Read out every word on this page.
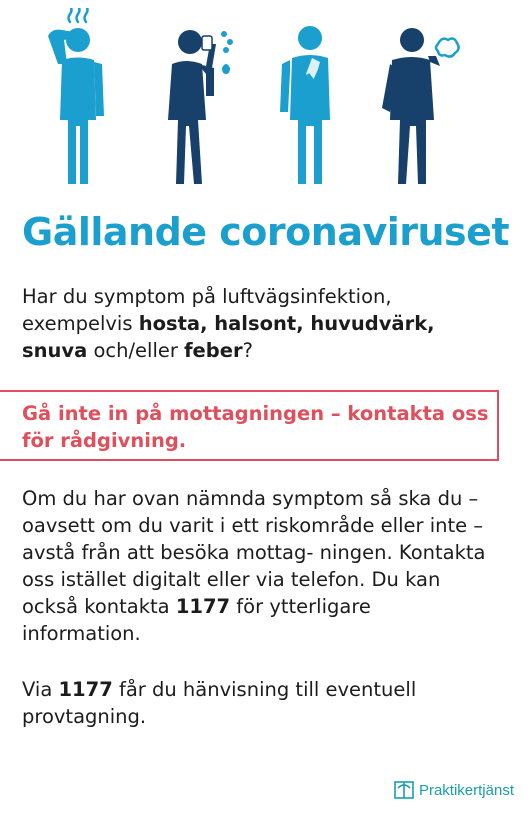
Gällande coronaviruset

Har du symptom på luftvägsinfektion, exempelvis hosta, halsont, huvudvärk, snuva och/eller feber?

Gå inte in på mottagningen – kontakta oss för rådgivning.

Om du har ovan nämnda symptom så ska du – oavsett om du varit i ett riskområde eller inte – avstå från att besöka mottag- ningen. Kontakta oss istället digitalt eller via telefon. Du kan också kontakta 1177 för ytterligare information.

Via 1177 får du hänvisning till eventuell provtagning.

Praktikertjänst
